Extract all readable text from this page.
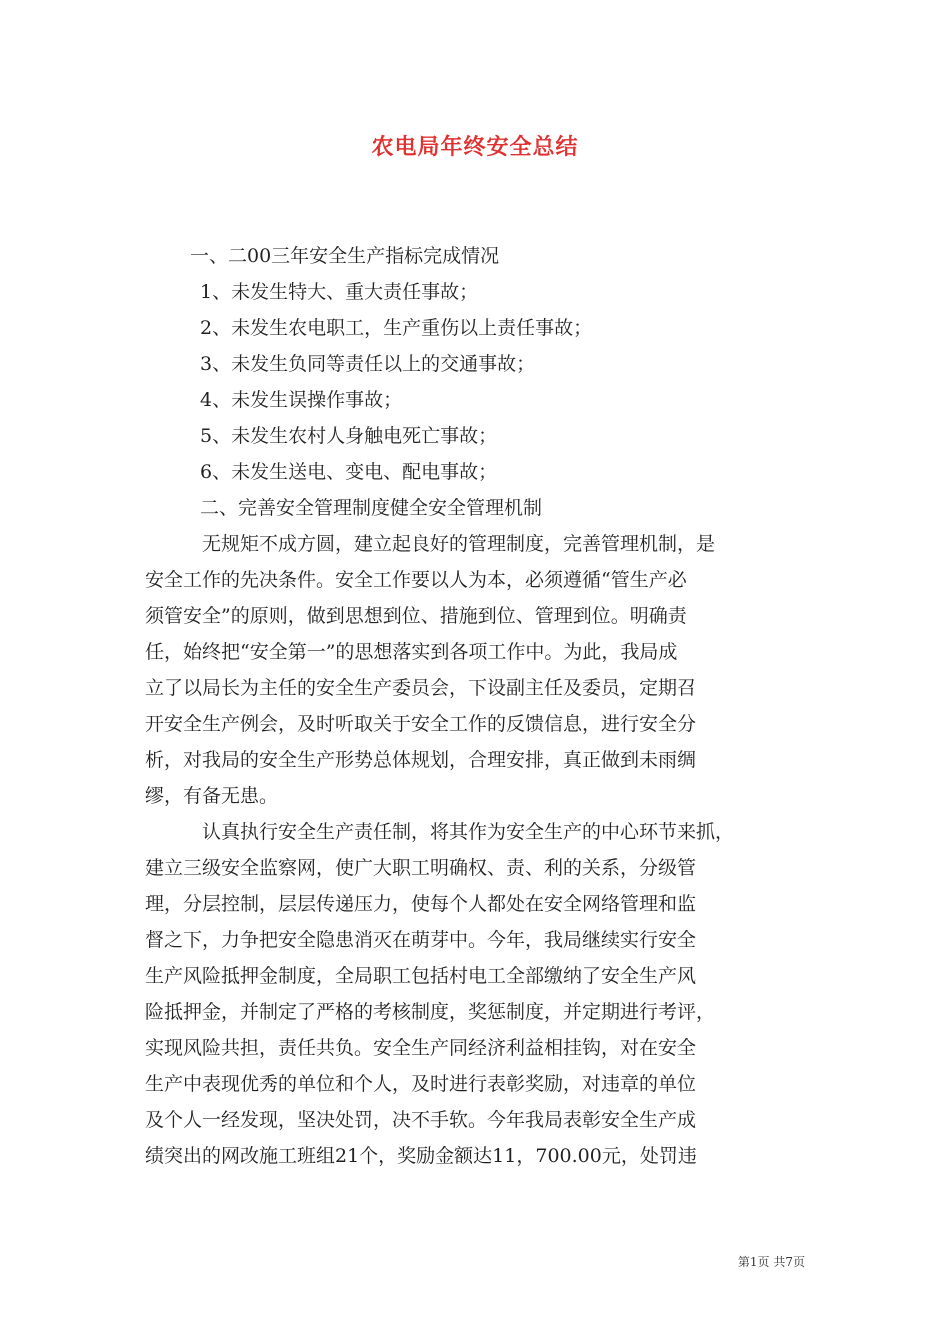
农电局年终安全总结
一、二00三年安全生产指标完成情况
1、未发生特大、重大责任事故；
2、未发生农电职工，生产重伤以上责任事故；
3、未发生负同等责任以上的交通事故；
4、未发生误操作事故；
5、未发生农村人身触电死亡事故；
6、未发生送电、变电、配电事故；
二、完善安全管理制度健全安全管理机制
无规矩不成方圆，建立起良好的管理制度，完善管理机制，是
安全工作的先决条件。安全工作要以人为本，必须遵循“管生产必
须管安全”的原则，做到思想到位、措施到位、管理到位。明确责
任，始终把“安全第一”的思想落实到各项工作中。为此，我局成
立了以局长为主任的安全生产委员会，下设副主任及委员，定期召
开安全生产例会，及时听取关于安全工作的反馈信息，进行安全分
析，对我局的安全生产形势总体规划，合理安排，真正做到未雨绸
缪，有备无患。
认真执行安全生产责任制，将其作为安全生产的中心环节来抓，
建立三级安全监察网，使广大职工明确权、责、利的关系，分级管
理，分层控制，层层传递压力，使每个人都处在安全网络管理和监
督之下，力争把安全隐患消灭在萌芽中。今年，我局继续实行安全
生产风险抵押金制度，全局职工包括村电工全部缴纳了安全生产风
险抵押金，并制定了严格的考核制度，奖惩制度，并定期进行考评，
实现风险共担，责任共负。安全生产同经济利益相挂钩，对在安全
生产中表现优秀的单位和个人，及时进行表彰奖励，对违章的单位
及个人一经发现，坚决处罚，决不手软。今年我局表彰安全生产成
绩突出的网改施工班组21个，奖励金额达11，700.00元，处罚违
第1页 共7页
